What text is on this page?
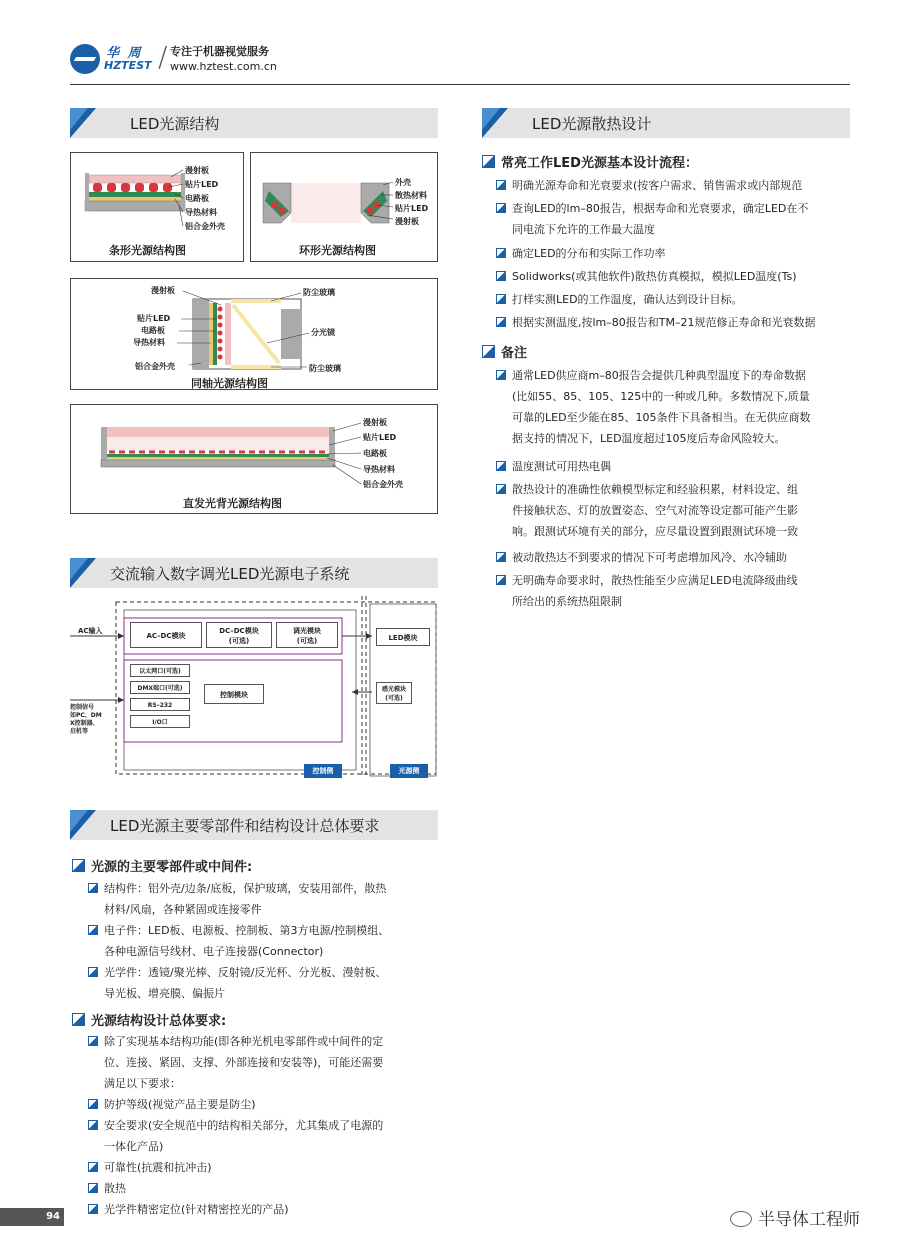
华 周
HZTEST / 专注于机器视觉服务
www.hztest.com.cn
LED光源结构
漫射板
贴片LED
电路板
导热材料
铝合金外壳
条形光源结构图
外壳
散热材料
贴片LED
漫射板
环形光源结构图
漫射板
贴片LED
电路板
导热材料
铝合金外壳
防尘玻璃
分光镜
防尘玻璃
同轴光源结构图
漫射板
贴片LED
电路板
导热材料
铝合金外壳
直发光背光源结构图
交流输入数字调光LED光源电子系统
AC输入
控制信号
如PC、DM
X控制器、
启机等
AC–DC模块
DC–DC模块
(可选)
调光模块
(可选)	LED模块
以太网口(可选)
DMX端口(可选)
RS–232
I/O口
控制模块
感光模块
(可选)
控制侧	光源侧
LED光源主要零部件和结构设计总体要求
光源的主要零部件或中间件:
结构件：铝外壳/边条/底板，保护玻璃，安装用部件，散热
材料/风扇，各种紧固或连接零件
电子件：LED板、电源板、控制板、第3方电源/控制模组、
各种电源信号线材、电子连接器(Connector)
光学件：透镜/聚光棒、反射镜/反光杯、分光板、漫射板、
导光板、增亮膜、偏振片
光源结构设计总体要求:
除了实现基本结构功能(即各种光机电零部件或中间件的定
位、连接、紧固、支撑、外部连接和安装等)，可能还需要
满足以下要求：
防护等级(视觉产品主要是防尘)
安全要求(安全规范中的结构相关部分，尤其集成了电源的
一体化产品)
可靠性(抗震和抗冲击)
散热
光学件精密定位(针对精密控光的产品)
LED光源散热设计
常亮工作LED光源基本设计流程：
明确光源寿命和光衰要求(按客户需求、销售需求或内部规范
查询LED的lm–80报告，根据寿命和光衰要求，确定LED在不
同电流下允许的工作最大温度
确定LED的分布和实际工作功率
Solidworks(或其他软件)散热仿真模拟，模拟LED温度(Ts)
打样实测LED的工作温度，确认达到设计目标。
根据实测温度,按lm–80报告和TM–21规范修正寿命和光衰数据
备注
通常LED供应商m–80报告会提供几种典型温度下的寿命数据
(比如55、85、105、125中的一种或几种。多数情况下,质量
可靠的LED至少能在85、105条件下具备相当。在无供应商数
据支持的情况下，LED温度超过105度后寿命风险较大。
温度测试可用热电偶
散热设计的准确性依赖模型标定和经验积累，材料设定、组
件接触状态、灯的放置姿态、空气对流等设定都可能产生影
响。跟测试环境有关的部分，应尽量设置到跟测试环境一致
被动散热达不到要求的情况下可考虑增加风冷、水冷辅助
无明确寿命要求时，散热性能至少应满足LED电流降级曲线
所给出的系统热阻限制
94	半导体工程师
